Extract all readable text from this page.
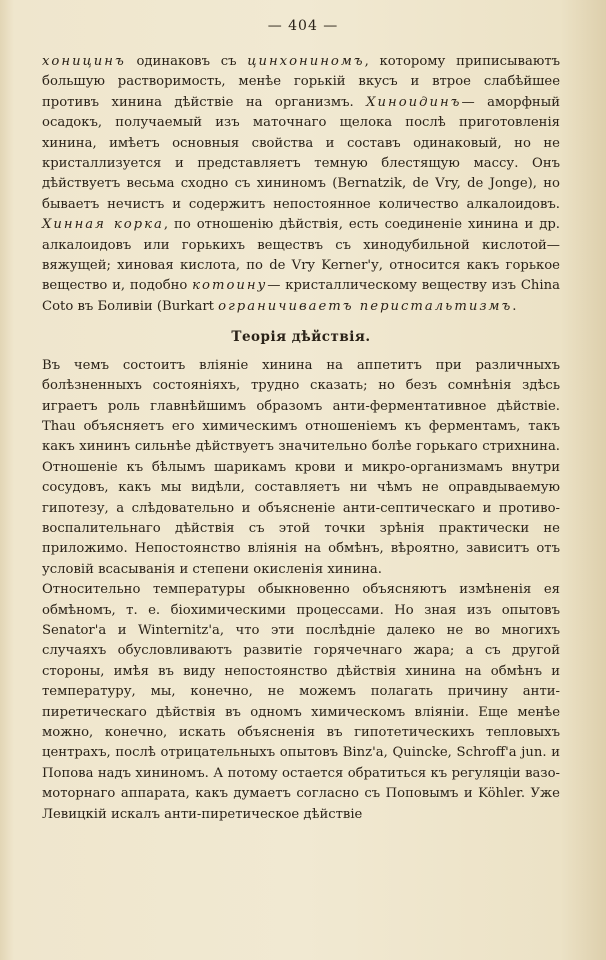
— 404 —

хоницинъ одинаковъ съ цинхониномъ, которому приписываютъ большую растворимость, менѣе горькій вкусъ и втрое слабѣйшее противъ хинина дѣйствіе на организмъ. Хиноидинъ— аморфный осадокъ, получаемый изъ маточнаго щелока послѣ приготовленія хинина, имѣетъ основныя свойства и составъ одинаковый, но не кристаллизуется и представляетъ темную блестящую массу. Онъ дѣйствуетъ весьма сходно съ хининомъ (Bernatzik, de Vry, de Jonge), но бываетъ нечистъ и содержитъ непостоянное количество алкалоидовъ. Хинная корка, по отношенію дѣйствія, есть соединеніе хинина и др. алкалоидовъ или горькихъ веществъ съ хинодубильной кислотой—вяжущей; хиновая кислота, по de Vry Kerner'у, относится какъ горькое вещество и, подобно котоину— кристаллическому веществу изъ China Coto въ Боливіи (Burkart ограничиваетъ перистальтизмъ.

Теорія дѣйствія.

Въ чемъ состоитъ вліяніе хинина на аппетитъ при различныхъ болѣзненныхъ состояніяхъ, трудно сказать; но безъ сомнѣнія здѣсь играетъ роль главнѣйшимъ образомъ анти-ферментативное дѣйствіе. Thau объясняетъ его химическимъ отношеніемъ къ ферментамъ, такъ какъ хининъ сильнѣе дѣйствуетъ значительно болѣе горькаго стрихнина. Отношеніе къ бѣлымъ шарикамъ крови и микро-организмамъ внутри сосудовъ, какъ мы видѣли, составляетъ ни чѣмъ не оправдываемую гипотезу, а слѣдовательно и объясненіе анти-септическаго и противо-воспалительнаго дѣйствія съ этой точки зрѣнія практически не приложимо. Непостоянство вліянія на обмѣнъ, вѣроятно, зависитъ отъ условій всасыванія и степени окисленія хинина.

Относительно температуры обыкновенно объясняютъ измѣненія ея обмѣномъ, т. е. біохимическими процессами. Но зная изъ опытовъ Senator'а и Winternitz'а, что эти послѣдніе далеко не во многихъ случаяхъ обусловливаютъ развитіе горячечнаго жара; а съ другой стороны, имѣя въ виду непостоянство дѣйствія хинина на обмѣнъ и температуру, мы, конечно, не можемъ полагать причину анти-пиретическаго дѣйствія въ одномъ химическомъ вліяніи. Еще менѣе можно, конечно, искать объясненія въ гипотетическихъ тепловыхъ центрахъ, послѣ отрицательныхъ опытовъ Binz'а, Quincke, Schroff'а jun. и Попова надъ хининомъ. А потому остается обратиться къ регуляціи вазо-моторнаго аппарата, какъ думаетъ согласно съ Поповымъ и Köhler. Уже Левицкій искалъ анти-пиретическое дѣйствіе
